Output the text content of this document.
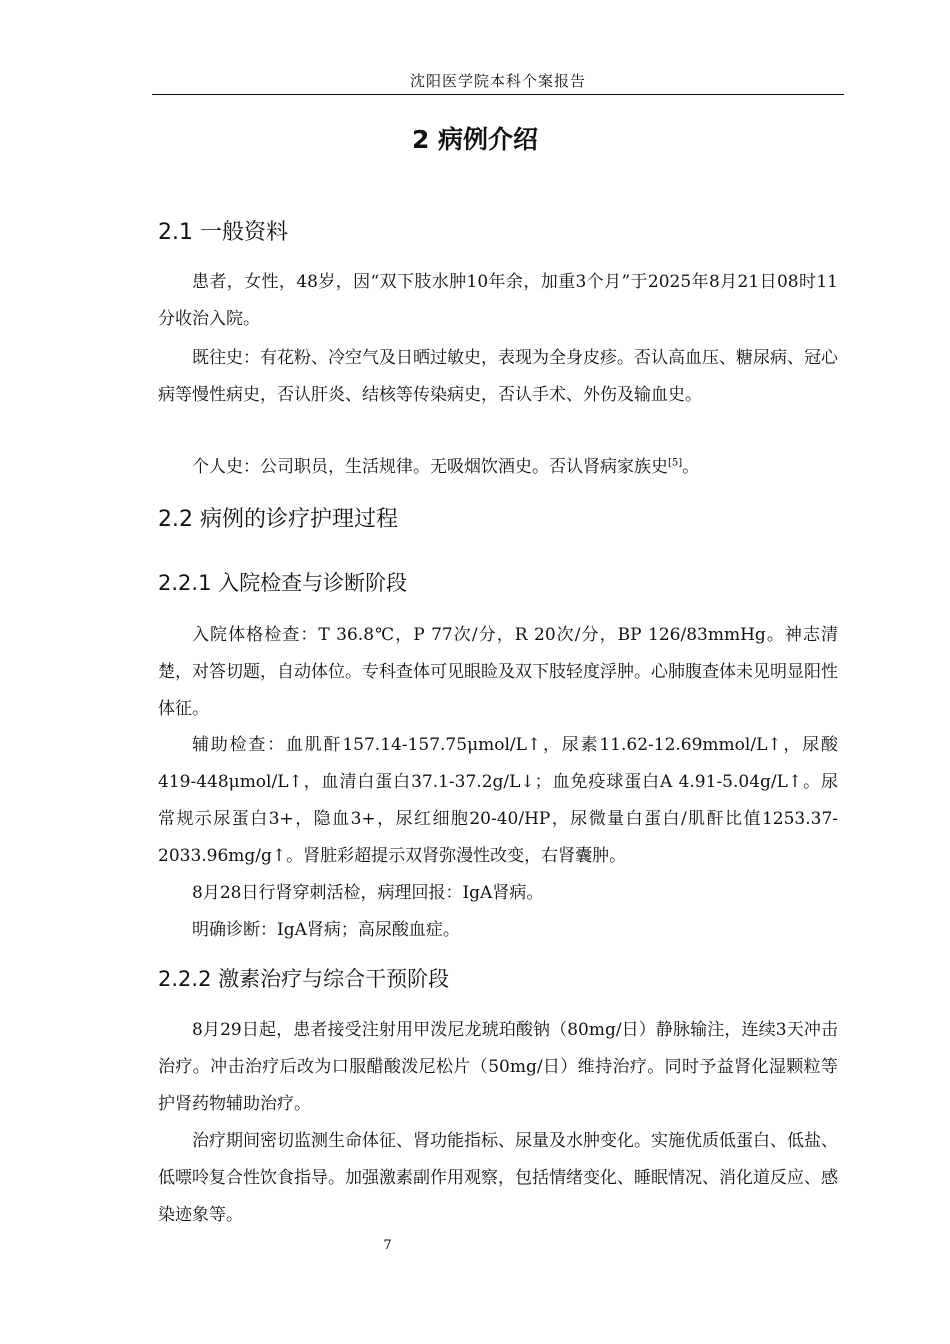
沈阳医学院本科个案报告
2 病例介绍
2.1 一般资料

患者，女性，48岁，因“双下肢水肿10年余，加重3个月”于2025年8月21日08时11分收治入院。

既往史：有花粉、冷空气及日晒过敏史，表现为全身皮疹。否认高血压、糖尿病、冠心病等慢性病史，否认肝炎、结核等传染病史，否认手术、外伤及输血史。

个人史：公司职员，生活规律。无吸烟饮酒史。否认肾病家族史[5]。

2.2 病例的诊疗护理过程
2.2.1 入院检查与诊断阶段

入院体格检查：T 36.8℃，P 77次/分，R 20次/分，BP 126/83mmHg。神志清楚，对答切题，自动体位。专科查体可见眼睑及双下肢轻度浮肿。心肺腹查体未见明显阳性体征。

辅助检查：血肌酐157.14-157.75μmol/L↑，尿素11.62-12.69mmol/L↑，尿酸419-448μmol/L↑，血清白蛋白37.1-37.2g/L↓；血免疫球蛋白A 4.91-5.04g/L↑。尿常规示尿蛋白3+，隐血3+，尿红细胞20-40/HP，尿微量白蛋白/肌酐比值1253.37-2033.96mg/g↑。肾脏彩超提示双肾弥漫性改变，右肾囊肿。

8月28日行肾穿刺活检，病理回报：IgA肾病。

明确诊断：IgA肾病；高尿酸血症。

2.2.2 激素治疗与综合干预阶段

8月29日起，患者接受注射用甲泼尼龙琥珀酸钠（80mg/日）静脉输注，连续3天冲击治疗。冲击治疗后改为口服醋酸泼尼松片（50mg/日）维持治疗。同时予益肾化湿颗粒等护肾药物辅助治疗。

治疗期间密切监测生命体征、肾功能指标、尿量及水肿变化。实施优质低蛋白、低盐、低嘌呤复合性饮食指导。加强激素副作用观察，包括情绪变化、睡眠情况、消化道反应、感染迹象等。

7
